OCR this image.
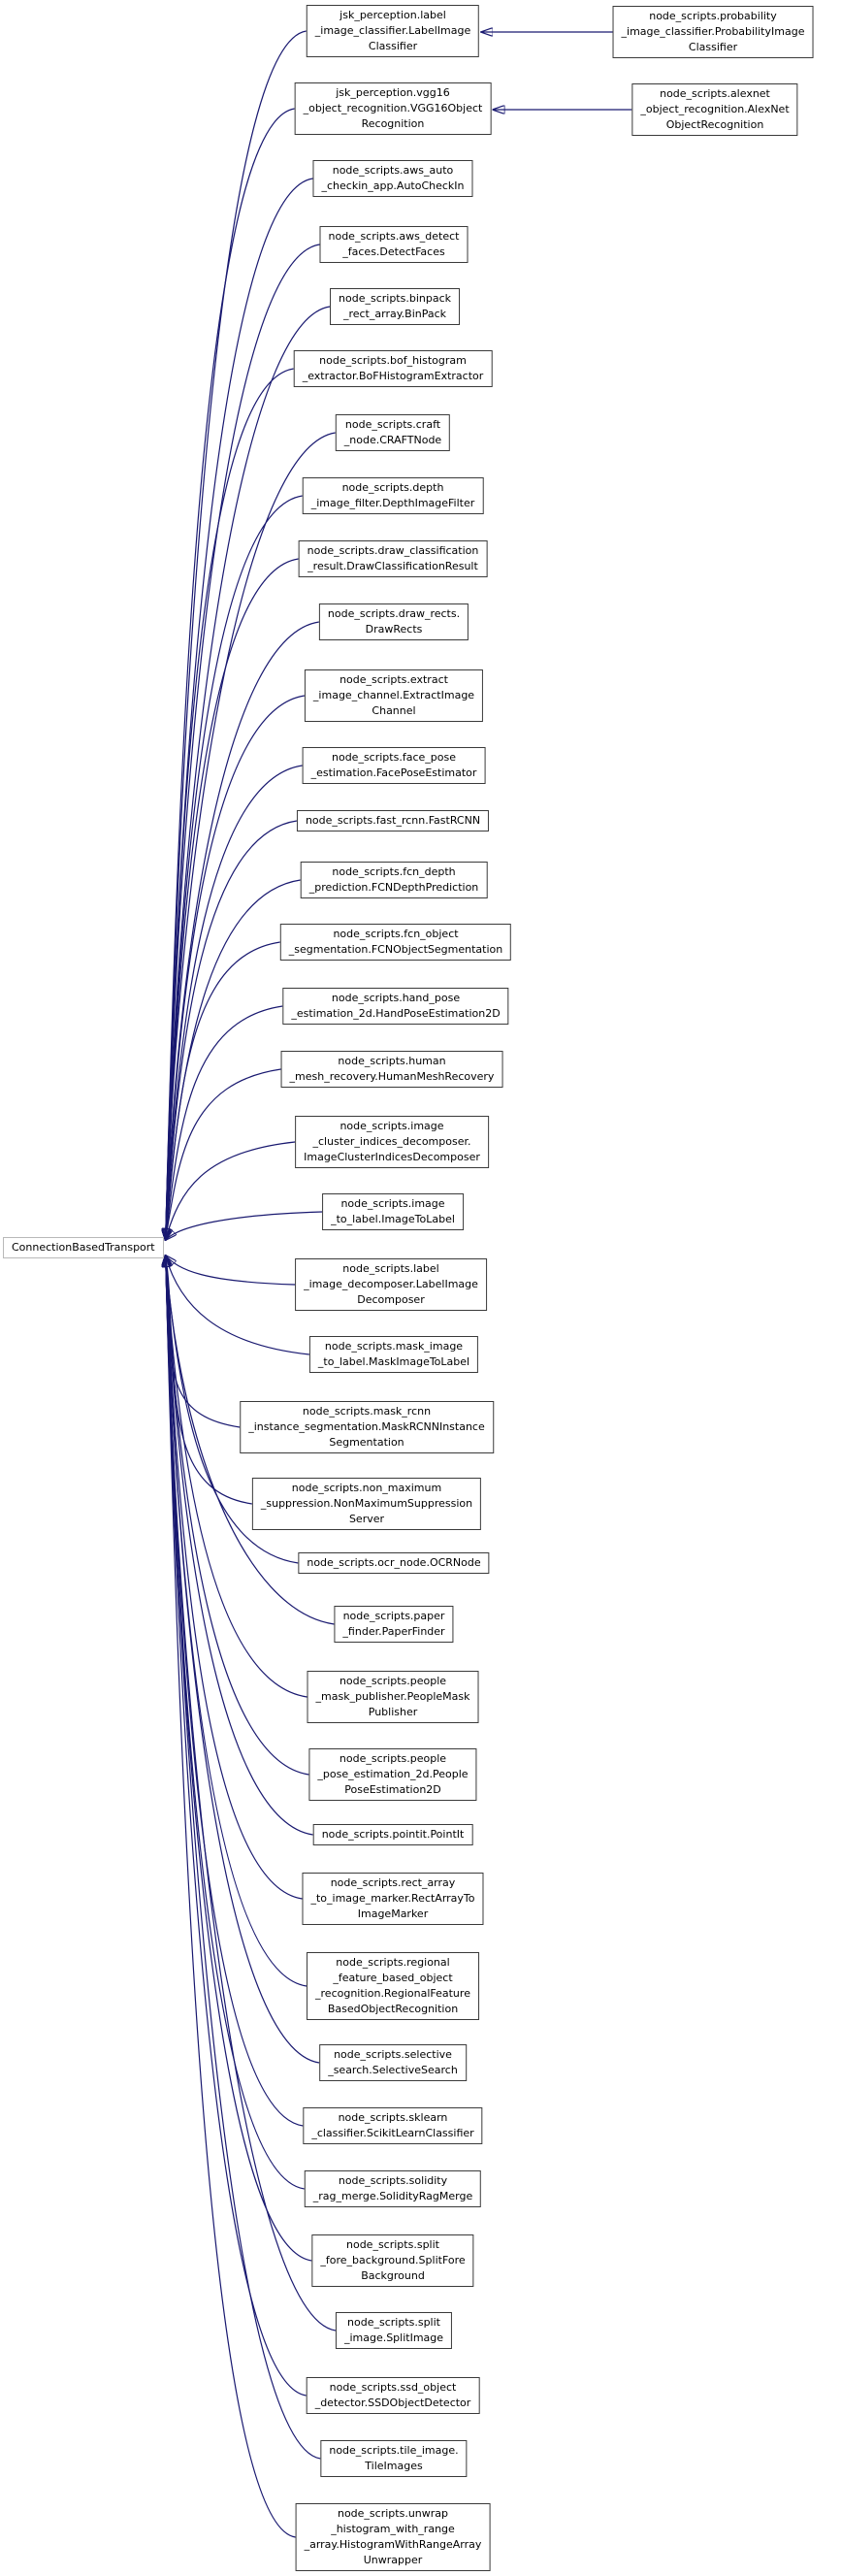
ConnectionBasedTransport
jsk_perception.label
_image_classifier.LabelImage
Classifier
jsk_perception.vgg16
_object_recognition.VGG16Object
Recognition
node_scripts.aws_auto
_checkin_app.AutoCheckIn
node_scripts.aws_detect
_faces.DetectFaces
node_scripts.binpack
_rect_array.BinPack
node_scripts.bof_histogram
_extractor.BoFHistogramExtractor
node_scripts.craft
_node.CRAFTNode
node_scripts.depth
_image_filter.DepthImageFilter
node_scripts.draw_classification
_result.DrawClassificationResult
node_scripts.draw_rects.
DrawRects
node_scripts.extract
_image_channel.ExtractImage
Channel
node_scripts.face_pose
_estimation.FacePoseEstimator
node_scripts.fast_rcnn.FastRCNN
node_scripts.fcn_depth
_prediction.FCNDepthPrediction
node_scripts.fcn_object
_segmentation.FCNObjectSegmentation
node_scripts.hand_pose
_estimation_2d.HandPoseEstimation2D
node_scripts.human
_mesh_recovery.HumanMeshRecovery
node_scripts.image
_cluster_indices_decomposer.
ImageClusterIndicesDecomposer
node_scripts.image
_to_label.ImageToLabel
node_scripts.label
_image_decomposer.LabelImage
Decomposer
node_scripts.mask_image
_to_label.MaskImageToLabel
node_scripts.mask_rcnn
_instance_segmentation.MaskRCNNInstance
Segmentation
node_scripts.non_maximum
_suppression.NonMaximumSuppression
Server
node_scripts.ocr_node.OCRNode
node_scripts.paper
_finder.PaperFinder
node_scripts.people
_mask_publisher.PeopleMask
Publisher
node_scripts.people
_pose_estimation_2d.People
PoseEstimation2D
node_scripts.pointit.PointIt
node_scripts.rect_array
_to_image_marker.RectArrayTo
ImageMarker
node_scripts.regional
_feature_based_object
_recognition.RegionalFeature
BasedObjectRecognition
node_scripts.selective
_search.SelectiveSearch
node_scripts.sklearn
_classifier.ScikitLearnClassifier
node_scripts.solidity
_rag_merge.SolidityRagMerge
node_scripts.split
_fore_background.SplitFore
Background
node_scripts.split
_image.SplitImage
node_scripts.ssd_object
_detector.SSDObjectDetector
node_scripts.tile_image.
TileImages
node_scripts.unwrap
_histogram_with_range
_array.HistogramWithRangeArray
Unwrapper
node_scripts.probability
_image_classifier.ProbabilityImage
Classifier
node_scripts.alexnet
_object_recognition.AlexNet
ObjectRecognition
